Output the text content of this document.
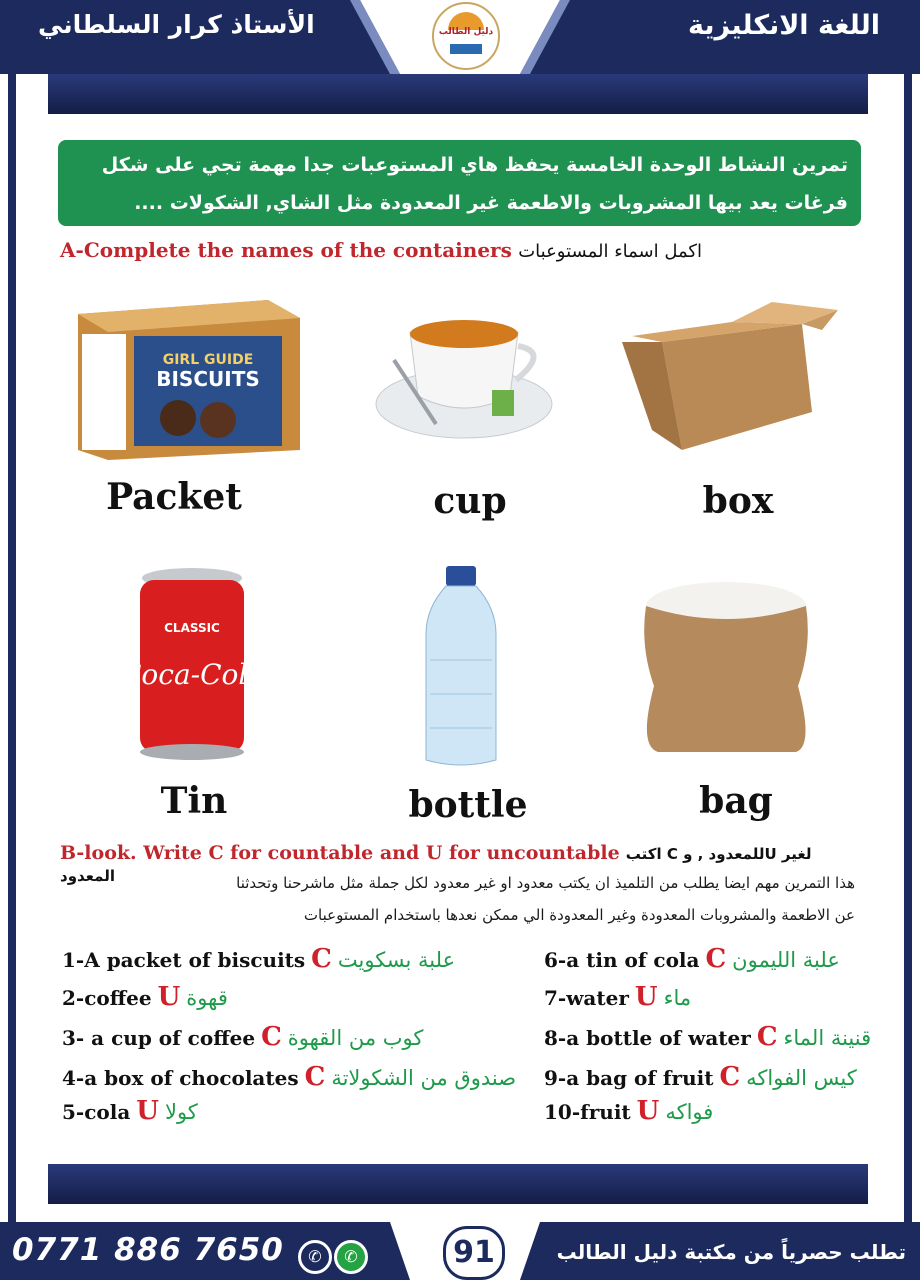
اللغة الانكليزية
الأستاذ كرار السلطاني	دليل الطالب
تمرين النشاط الوحدة الخامسة يحفظ هاي المستوعبات جدا مهمة تجي على شكل فرغات يعد بيها المشروبات والاطعمة غير المعدودة مثل الشاي, الشكولات ....
A-Complete the names of the containers اكمل اسماء المستوعبات
GIRL GUIDE
BISCUITS
Packet	cup	box
CLASSIC
Coca-Cola
Tin	bottle	bag
B-look. Write C for countable and U for uncountable اكتب C للمعدود , وU لغير المعدود	هذا التمرين مهم ايضا يطلب من التلميذ ان يكتب معدود او غير معدود لكل جملة مثل ماشرحنا وتحدثنا
عن الاطعمة والمشروبات المعدودة وغير المعدودة الي ممكن نعدها باستخدام المستوعبات
1-A packet of biscuits C علبة بسكويت
2-coffee U قهوة
3- a cup of coffee C كوب من القهوة
4-a box of chocolates C صندوق من الشكولاتة
5-cola U كولا
6-a tin of cola C علبة الليمون
7-water U ماء
8-a bottle of water C قنينة الماء
9-a bag of fruit C كيس الفواكه
10-fruit U فواكه
0771 886 7650	✆	✆	91	تطلب حصرياً من مكتبة دليل الطالب
